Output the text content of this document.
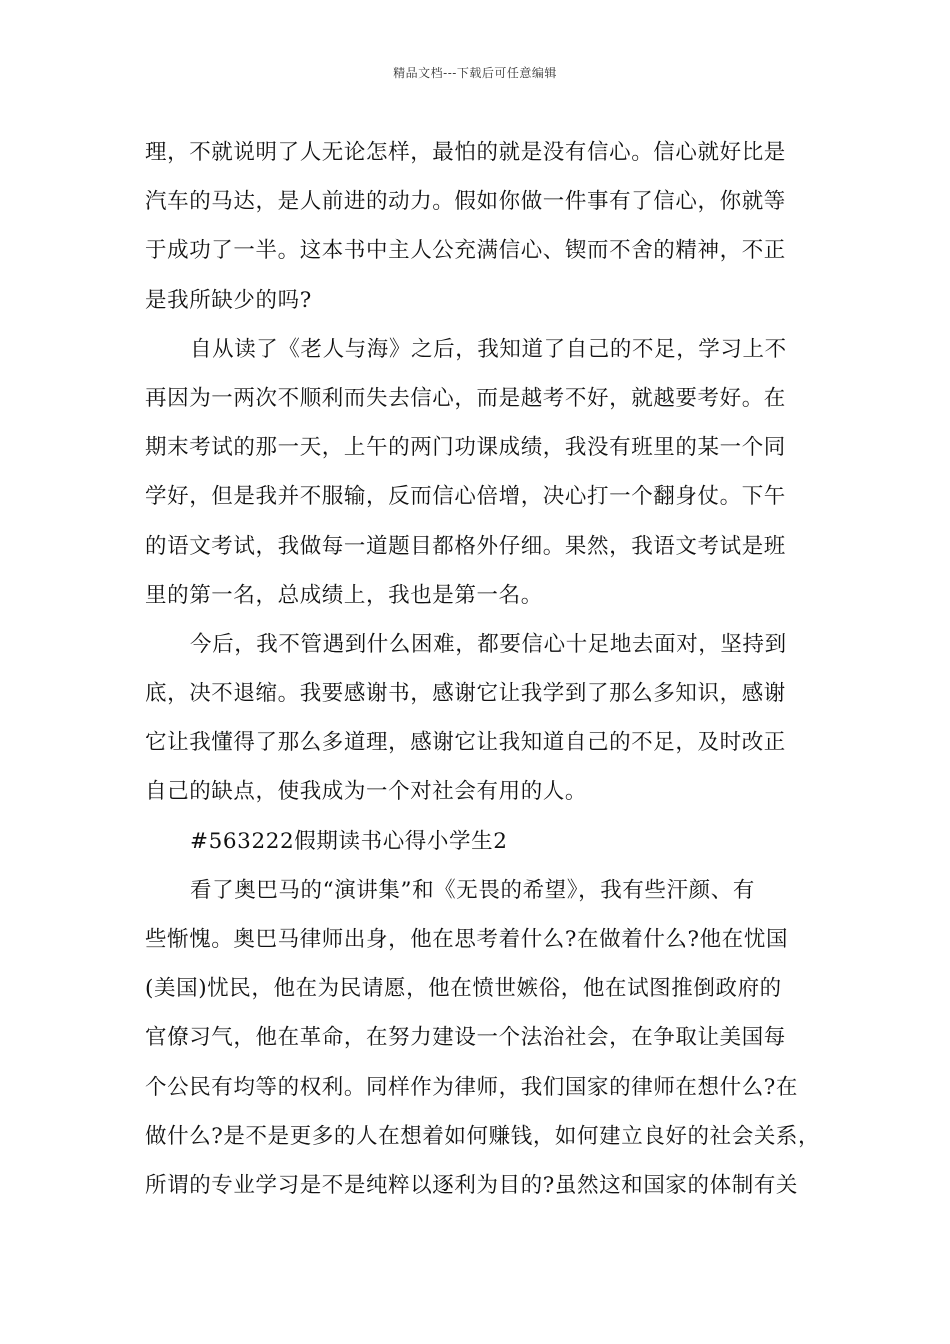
精品文档---下载后可任意编辑
理，不就说明了人无论怎样，最怕的就是没有信心。信心就好比是
汽车的马达，是人前进的动力。假如你做一件事有了信心，你就等
于成功了一半。这本书中主人公充满信心、锲而不舍的精神，不正
是我所缺少的吗?
自从读了《老人与海》之后，我知道了自己的不足，学习上不
再因为一两次不顺利而失去信心，而是越考不好，就越要考好。在
期末考试的那一天，上午的两门功课成绩，我没有班里的某一个同
学好，但是我并不服输，反而信心倍增，决心打一个翻身仗。下午
的语文考试，我做每一道题目都格外仔细。果然，我语文考试是班
里的第一名，总成绩上，我也是第一名。
今后，我不管遇到什么困难，都要信心十足地去面对，坚持到
底，决不退缩。我要感谢书，感谢它让我学到了那么多知识，感谢
它让我懂得了那么多道理，感谢它让我知道自己的不足，及时改正
自己的缺点，使我成为一个对社会有用的人。
#563222假期读书心得小学生2
看了奥巴马的“演讲集”和《无畏的希望》，我有些汗颜、有
些惭愧。奥巴马律师出身，他在思考着什么?在做着什么?他在忧国
(美国)忧民，他在为民请愿，他在愤世嫉俗，他在试图推倒政府的
官僚习气，他在革命，在努力建设一个法治社会，在争取让美国每
个公民有均等的权利。同样作为律师，我们国家的律师在想什么?在
做什么?是不是更多的人在想着如何赚钱，如何建立良好的社会关系，
所谓的专业学习是不是纯粹以逐利为目的?虽然这和国家的体制有关
